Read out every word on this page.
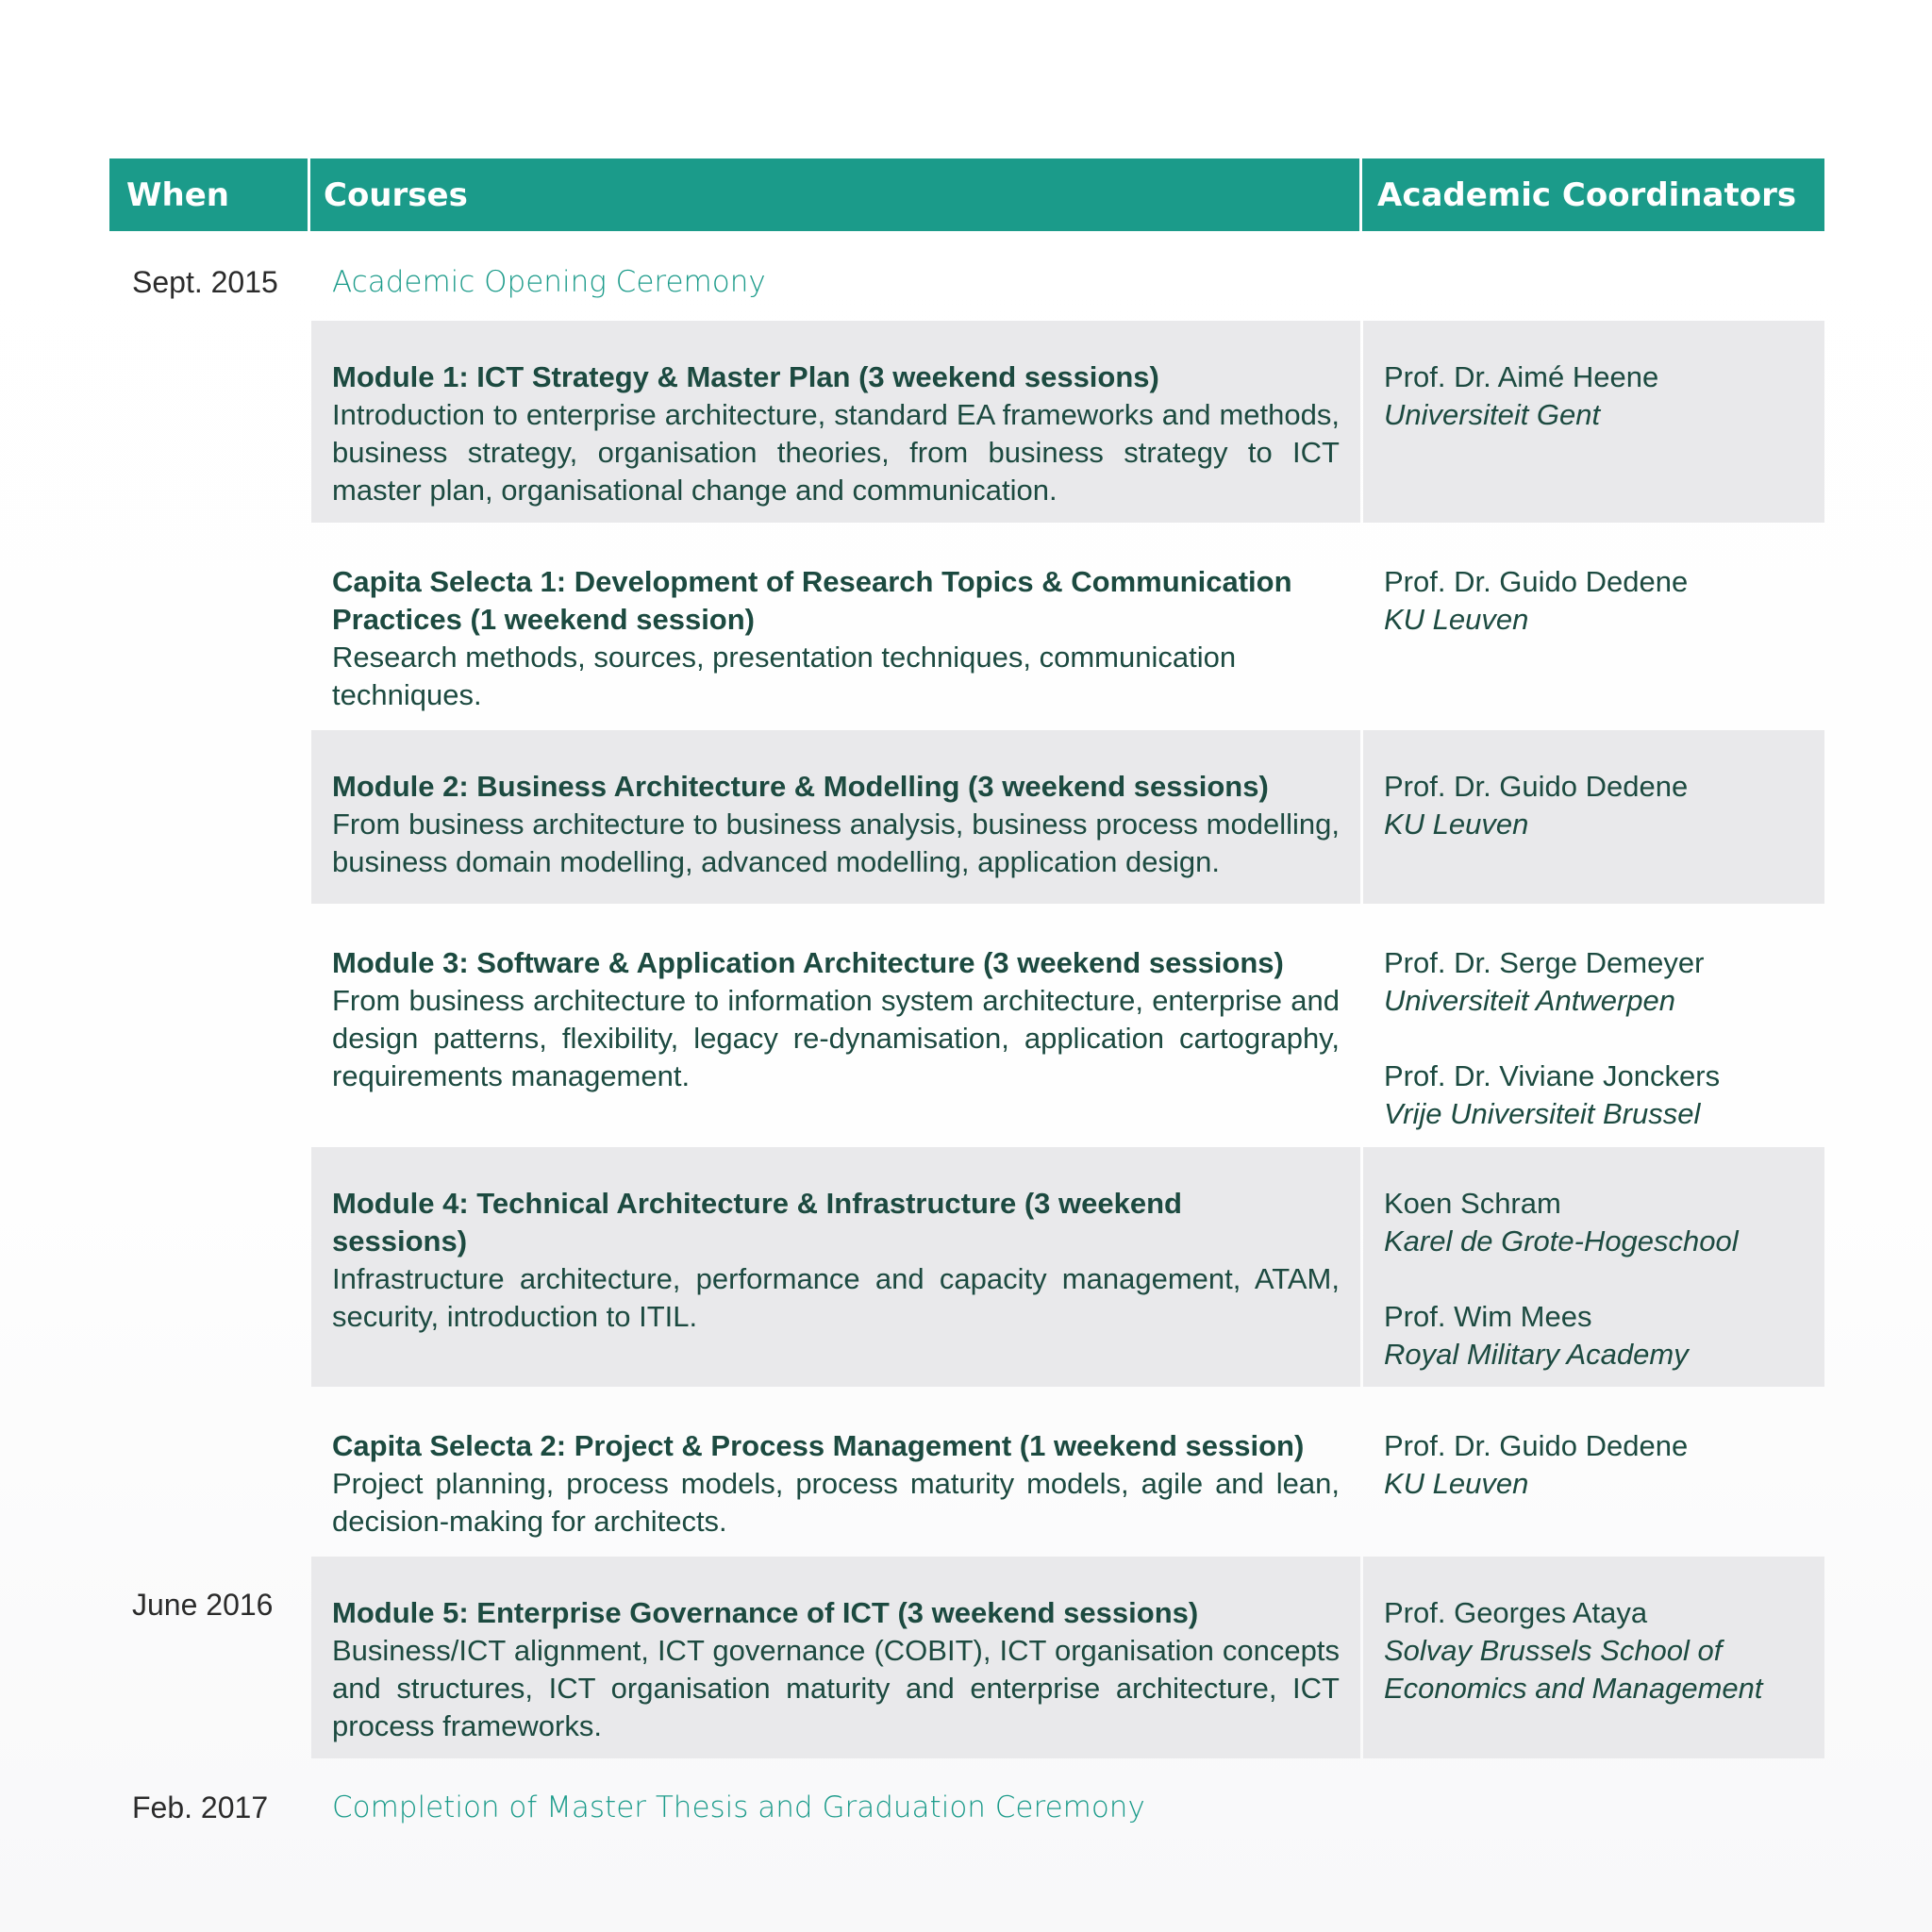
When	Courses	Academic Coordinators
Sept. 2015 Academic Opening Ceremony
Module 1: ICT Strategy & Master Plan (3 weekend sessions)
Introduction to enterprise architecture, standard EA frameworks and methods, business strategy, organisation theories, from business strategy to ICT master plan, organisational change and communication.
Prof. Dr. Aimé Heene
Universiteit Gent
Capita Selecta 1: Development of Research Topics & Communication Practices (1 weekend session)
Research methods, sources, presentation techniques, communication techniques.
Prof. Dr. Guido Dedene
KU Leuven
Module 2: Business Architecture & Modelling (3 weekend sessions)
From business architecture to business analysis, business process modelling, business domain modelling, advanced modelling, application design.
Prof. Dr. Guido Dedene
KU Leuven
Module 3: Software & Application Architecture (3 weekend sessions)
From business architecture to information system architecture, enterprise and design patterns, flexibility, legacy re-dynamisation, application cartography, requirements management.
Prof. Dr. Serge Demeyer
Universiteit Antwerpen
Prof. Dr. Viviane Jonckers
Vrije Universiteit Brussel
Module 4: Technical Architecture & Infrastructure (3 weekend sessions)
Infrastructure architecture, performance and capacity management, ATAM, security, introduction to ITIL.
Koen Schram
Karel de Grote-Hogeschool
Prof. Wim Mees
Royal Military Academy
Capita Selecta 2: Project & Process Management (1 weekend session)
Project planning, process models, process maturity models, agile and lean, decision-making for architects.
Prof. Dr. Guido Dedene
KU Leuven
June 2016 Module 5: Enterprise Governance of ICT (3 weekend sessions)
Business/ICT alignment, ICT governance (COBIT), ICT organisation concepts and structures, ICT organisation maturity and enterprise architecture, ICT process frameworks.
Prof. Georges Ataya
Solvay Brussels School of Economics and Management
Feb. 2017 Completion of Master Thesis and Graduation Ceremony
